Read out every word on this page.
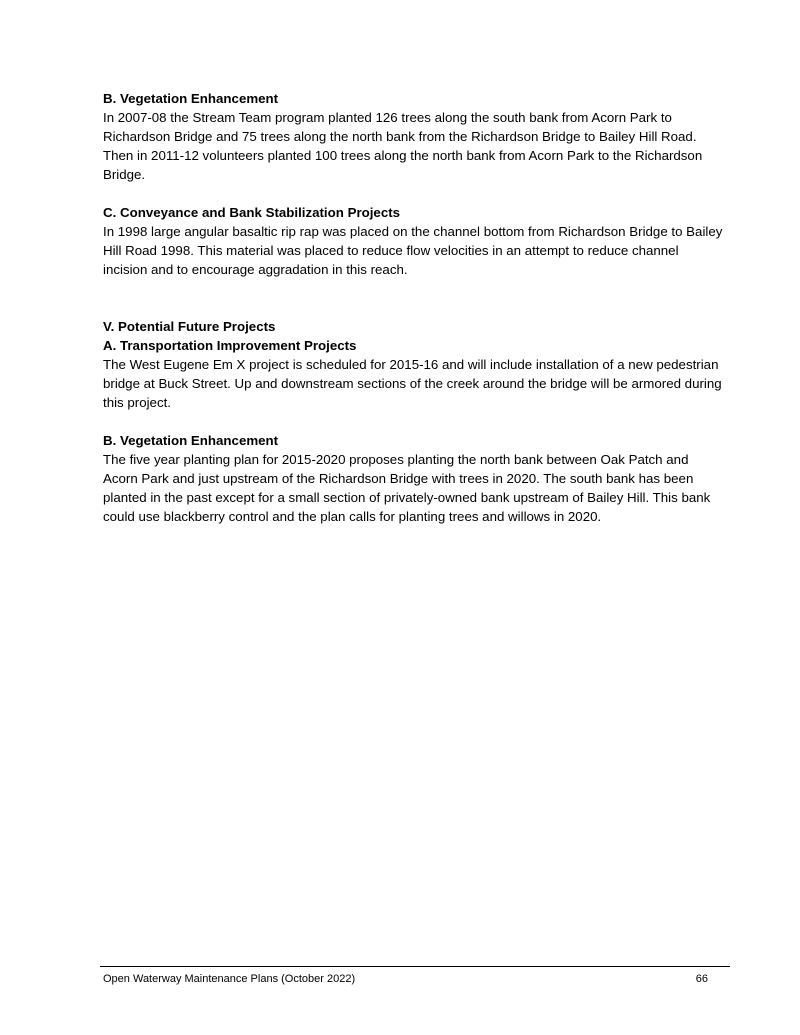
B. Vegetation Enhancement

In 2007-08 the Stream Team program planted 126 trees along the south bank from Acorn Park to Richardson Bridge and 75 trees along the north bank from the Richardson Bridge to Bailey Hill Road. Then in 2011-12 volunteers planted 100 trees along the north bank from Acorn Park to the Richardson Bridge.

C. Conveyance and Bank Stabilization Projects

In 1998 large angular basaltic rip rap was placed on the channel bottom from Richardson Bridge to Bailey Hill Road 1998. This material was placed to reduce flow velocities in an attempt to reduce channel incision and to encourage aggradation in this reach.

V. Potential Future Projects

A. Transportation Improvement Projects

The West Eugene Em X project is scheduled for 2015-16 and will include installation of a new pedestrian bridge at Buck Street. Up and downstream sections of the creek around the bridge will be armored during this project.

B. Vegetation Enhancement

The five year planting plan for 2015-2020 proposes planting the north bank between Oak Patch and Acorn Park and just upstream of the Richardson Bridge with trees in 2020. The south bank has been planted in the past except for a small section of privately-owned bank upstream of Bailey Hill. This bank could use blackberry control and the plan calls for planting trees and willows in 2020.

Open Waterway Maintenance Plans (October 2022)	66
